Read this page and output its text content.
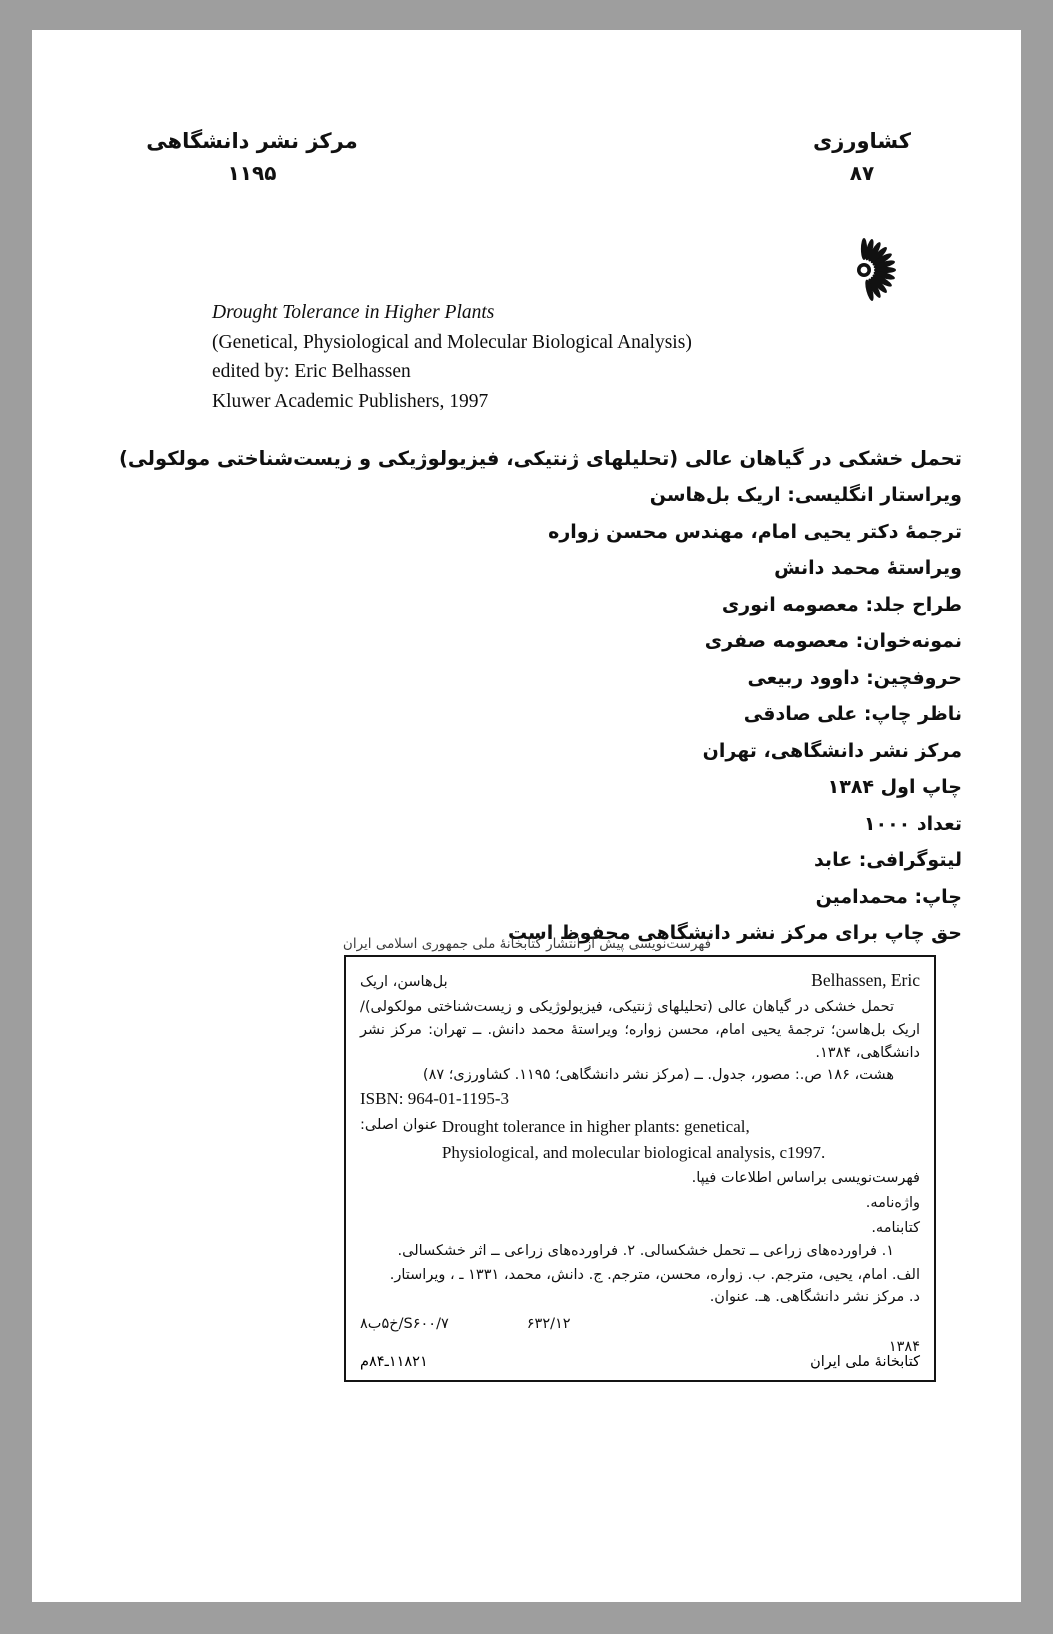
مرکز نشر دانشگاهی
۱۱۹۵
کشاورزی
۸۷
Drought Tolerance in Higher Plants
(Genetical, Physiological and Molecular Biological Analysis)
edited by: Eric Belhassen
Kluwer Academic Publishers, 1997
تحمل خشکی در گیاهان عالی (تحلیلهای ژنتیکی، فیزیولوژیکی و زیست‌شناختی مولکولی)
ویراستار انگلیسی: اریک بل‌هاسن
ترجمهٔ دکتر یحیی امام، مهندس محسن زواره
ویراستهٔ محمد دانش
طراح جلد: معصومه انوری
نمونه‌خوان: معصومه صفری
حروفچین: داوود ربیعی
ناظر چاپ: علی صادقی
مرکز نشر دانشگاهی، تهران
چاپ اول ۱۳۸۴
تعداد ۱۰۰۰
لیتوگرافی: عابد
چاپ: محمدامین
حق چاپ برای مرکز نشر دانشگاهی محفوظ است
فهرست‌نویسی پیش از انتشار کتابخانهٔ ملی جمهوری اسلامی ایران
Belhassen, Eric
بل‌هاسن، اریک
تحمل خشکی در گیاهان عالی (تحلیلهای ژنتیکی، فیزیولوژیکی و زیست‌شناختی مولکولی)/ اریک بل‌هاسن؛ ترجمهٔ یحیی امام، محسن زواره؛ ویراستهٔ محمد دانش. ــ تهران: مرکز نشر دانشگاهی، ۱۳۸۴.
هشت، ۱۸۶ ص.: مصور، جدول. ــ (مرکز نشر دانشگاهی؛ ۱۱۹۵. کشاورزی؛ ۸۷)
ISBN: 964-01-1195-3
Drought tolerance in higher plants: genetical,
Physiological, and molecular biological analysis, c1997.
عنوان اصلی:
فهرست‌نویسی براساس اطلاعات فیپا.
واژه‌نامه.
کتابنامه.
۱. فراورده‌های زراعی ــ تحمل خشکسالی. ۲. فراورده‌های زراعی ــ اثر خشکسالی.
الف. امام، یحیی، مترجم. ب. زواره، محسن، مترجم. ج. دانش، محمد، ۱۳۳۱ ـ ، ویراستار.
د. مرکز نشر دانشگاهی. هـ. عنوان.
۶۳۲/۱۲
S۶۰۰/۷/خ۵ب۸
۱۳۸۴
کتابخانهٔ ملی ایران
۱۱۸۲۱ـ۸۴م
